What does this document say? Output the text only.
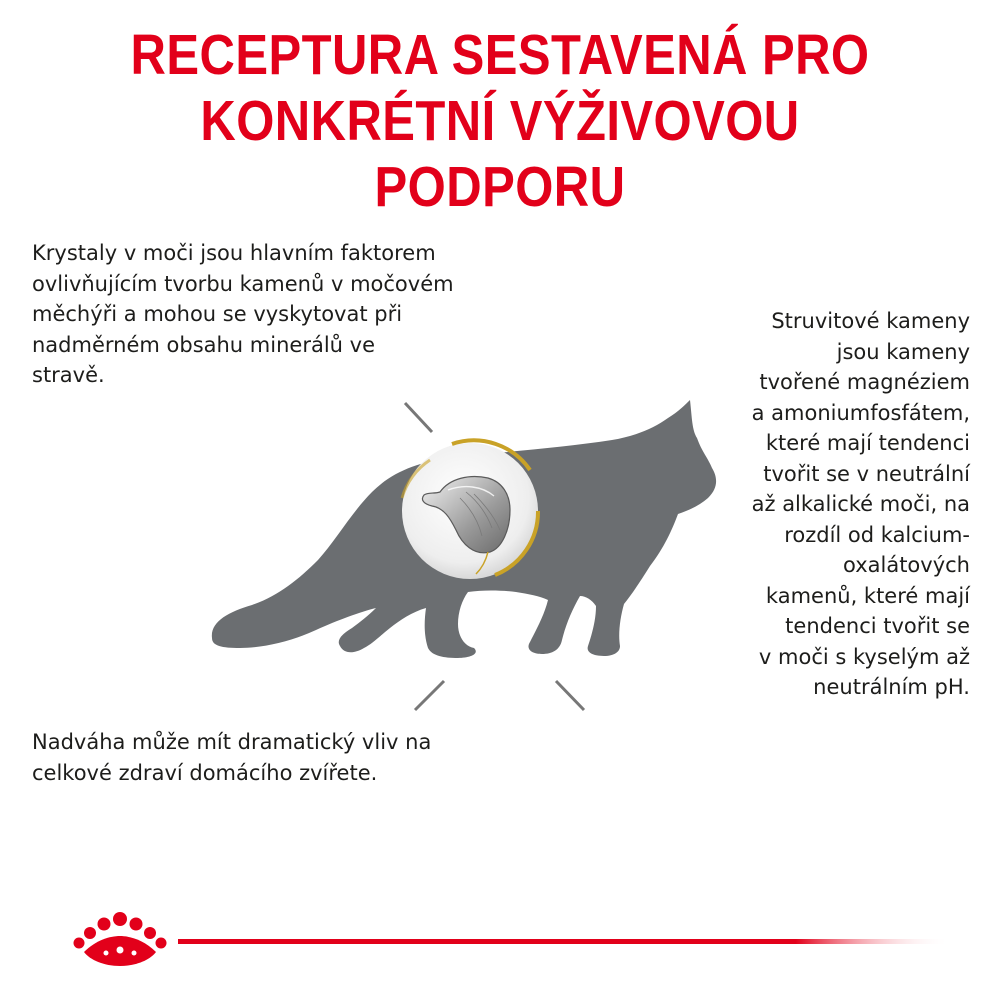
RECEPTURA SESTAVENÁ PRO
KONKRÉTNÍ VÝŽIVOVOU PODPORU
Krystaly v moči jsou hlavním faktorem
ovlivňujícím tvorbu kamenů v močovém
měchýři a mohou se vyskytovat při
nadměrném obsahu minerálů ve
stravě.
Struvitové kameny
jsou kameny
tvořené magnéziem
a amoniumfosfátem,
které mají tendenci
tvořit se v neutrální
až alkalické moči, na
rozdíl od kalcium-
oxalátových
kamenů, které mají
tendenci tvořit se
v moči s kyselým až
neutrálním pH.
Nadváha může mít dramatický vliv na
celkové zdraví domácího zvířete.
